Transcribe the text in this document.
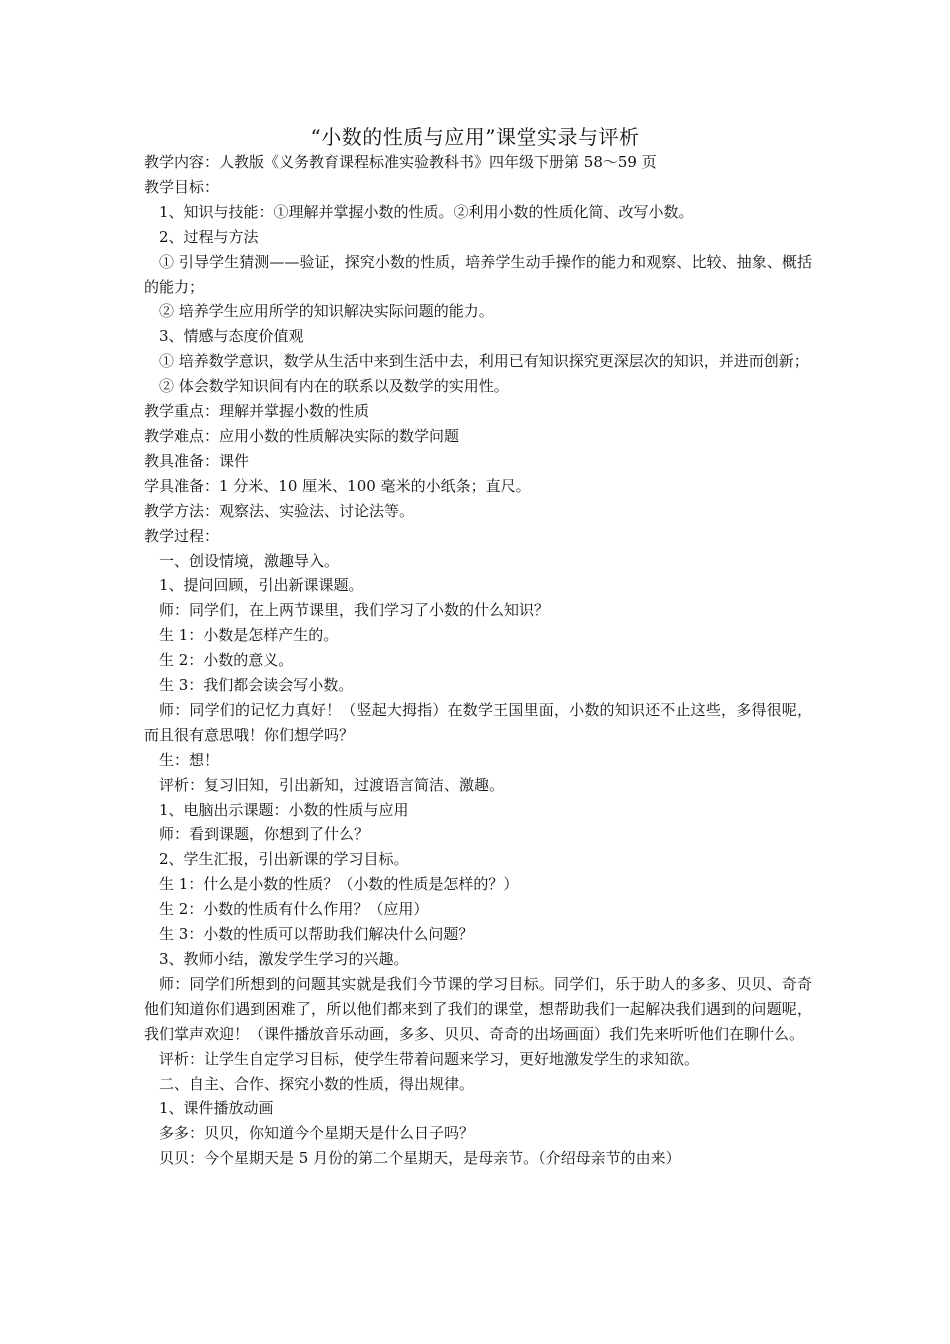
“小数的性质与应用”课堂实录与评析

教学内容：人教版《义务教育课程标准实验教科书》四年级下册第 58～59 页

教学目标：

1、知识与技能：①理解并掌握小数的性质。②利用小数的性质化简、改写小数。

2、过程与方法

① 引导学生猜测——验证，探究小数的性质，培养学生动手操作的能力和观察、比较、抽象、概括的能力；

② 培养学生应用所学的知识解决实际问题的能力。

3、情感与态度价值观

① 培养数学意识，数学从生活中来到生活中去，利用已有知识探究更深层次的知识，并进而创新；

② 体会数学知识间有内在的联系以及数学的实用性。

教学重点：理解并掌握小数的性质

教学难点：应用小数的性质解决实际的数学问题

教具准备：课件

学具准备：1 分米、10 厘米、100 毫米的小纸条；直尺。

教学方法：观察法、实验法、讨论法等。

教学过程：

一、创设情境，激趣导入。

1、提问回顾，引出新课课题。

师：同学们，在上两节课里，我们学习了小数的什么知识？

生 1：小数是怎样产生的。

生 2：小数的意义。

生 3：我们都会读会写小数。

师：同学们的记忆力真好！（竖起大拇指）在数学王国里面，小数的知识还不止这些，多得很呢，而且很有意思哦！你们想学吗？

生：想！

评析：复习旧知，引出新知，过渡语言简洁、激趣。

1、电脑出示课题：小数的性质与应用

师：看到课题，你想到了什么？

2、学生汇报，引出新课的学习目标。

生 1：什么是小数的性质？（小数的性质是怎样的？）

生 2：小数的性质有什么作用？（应用）

生 3：小数的性质可以帮助我们解决什么问题？

3、教师小结，激发学生学习的兴趣。

师：同学们所想到的问题其实就是我们今节课的学习目标。同学们，乐于助人的多多、贝贝、奇奇他们知道你们遇到困难了，所以他们都来到了我们的课堂，想帮助我们一起解决我们遇到的问题呢，我们掌声欢迎！（课件播放音乐动画，多多、贝贝、奇奇的出场画面）我们先来听听他们在聊什么。

评析：让学生自定学习目标，使学生带着问题来学习，更好地激发学生的求知欲。

二、自主、合作、探究小数的性质，得出规律。

1、课件播放动画

多多：贝贝，你知道今个星期天是什么日子吗？

贝贝：今个星期天是 5 月份的第二个星期天，是母亲节。（介绍母亲节的由来）
